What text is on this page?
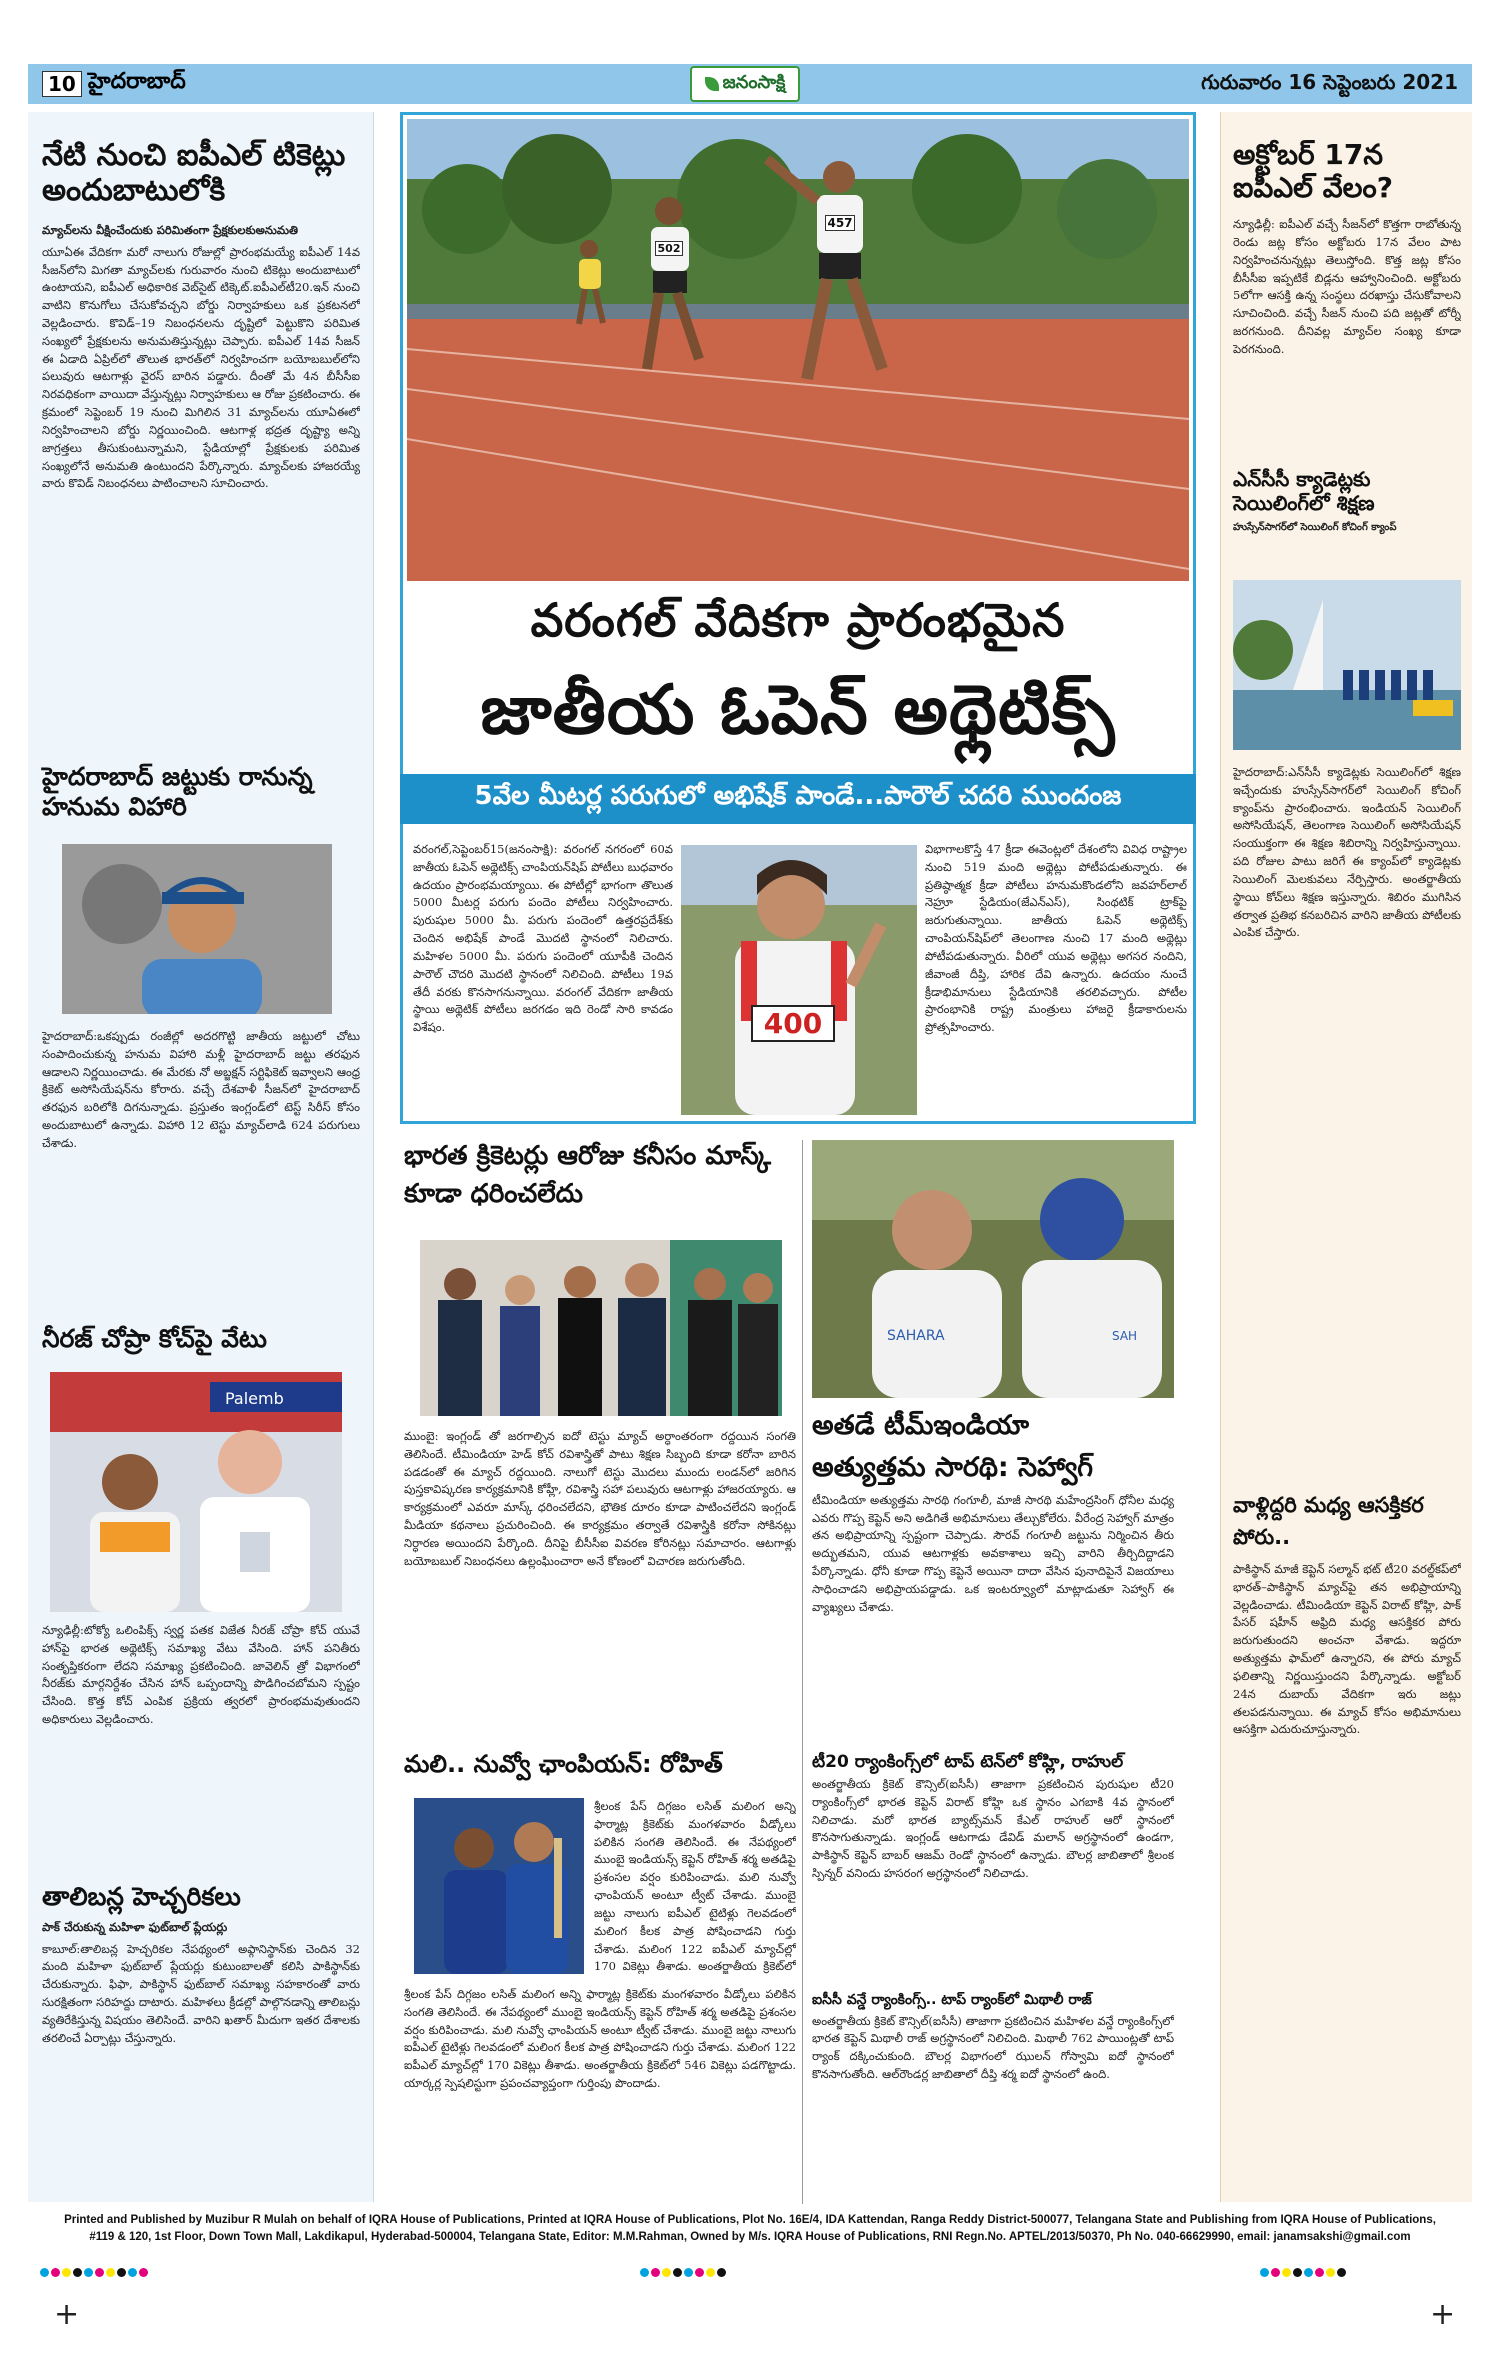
10 హైదరాబాద్	గురువారం 16 సెప్టెంబరు 2021
జనంసాక్షి
నేటి నుంచి ఐపీఎల్ టికెట్లు అందుబాటులోకి
మ్యాచ్‌లను వీక్షించేందుకు పరిమితంగా ప్రేక్షకులకుఅనుమతి

యూఏఈ వేదికగా మరో నాలుగు రోజుల్లో ప్రారంభమయ్యే ఐపీఎల్ 14వ సీజన్‌లోని మిగతా మ్యాచ్‌లకు గురువారం నుంచి టికెట్లు అందుబాటులో ఉంటాయని, ఐపీఎల్ అధికారిక వెబ్‌సైట్ టిక్కెట్‌.ఐపీఎల్‌టీ20.ఇన్ నుంచి వాటిని కొనుగోలు చేసుకోవచ్చని బోర్డు నిర్వాహకులు ఒక ప్రకటనలో వెల్లడించారు. కొవిడ్‌–19 నిబంధనలను దృష్టిలో పెట్టుకొని పరిమిత సంఖ్యలో ప్రేక్షకులను అనుమతిస్తున్నట్లు చెప్పారు. ఐపీఎల్ 14వ సీజన్ ఈ ఏడాది ఏప్రిల్‌లో తొలుత భారత్‌లో నిర్వహించగా బయోబబుల్‌లోని పలువురు ఆటగాళ్లు వైరస్ బారిన పడ్డారు. దీంతో మే 4న బీసీసీఐ నిరవధికంగా వాయిదా వేస్తున్నట్లు నిర్వాహకులు ఆ రోజు ప్రకటించారు. ఈ క్రమంలో సెప్టెంబర్ 19 నుంచి మిగిలిన 31 మ్యాచ్‌లను యూఏఈలో నిర్వహించాలని బోర్డు నిర్ణయించింది. ఆటగాళ్ల భద్రత దృష్ట్యా అన్ని జాగ్రత్తలు తీసుకుంటున్నామని, స్టేడియాల్లో ప్రేక్షకులకు పరిమిత సంఖ్యలోనే అనుమతి ఉంటుందని పేర్కొన్నారు. మ్యాచ్‌లకు హాజరయ్యే వారు కొవిడ్ నిబంధనలు పాటించాలని సూచించారు.

హైదరాబాద్ జట్టుకు రానున్న హనుమ విహారి

హైదరాబాద్:ఒకప్పుడు రంజీల్లో అదరగొట్టి జాతీయ జట్టులో చోటు సంపాదించుకున్న హనుమ విహారి మళ్లీ హైదరాబాద్ జట్టు తరఫున ఆడాలని నిర్ణయించాడు. ఈ మేరకు నో అబ్జక్షన్ సర్టిఫికెట్ ఇవ్వాలని ఆంధ్ర క్రికెట్ అసోసియేషన్‌ను కోరారు. వచ్చే దేశవాళీ సీజన్‌లో హైదరాబాద్ తరఫున బరిలోకి దిగనున్నాడు. ప్రస్తుతం ఇంగ్లండ్‌లో టెస్ట్ సిరీస్ కోసం అందుబాటులో ఉన్నాడు. విహారి 12 టెస్టు మ్యాచ్‌లాడి 624 పరుగులు చేశాడు.

నీరజ్ చోప్రా కోచ్‌పై వేటు
Palemb

న్యూఢిల్లీ:టోక్యో ఒలింపిక్స్ స్వర్ణ పతక విజేత నీరజ్ చోప్రా కోచ్ యువే హాన్‌పై భారత అథ్లెటిక్స్ సమాఖ్య వేటు వేసింది. హాన్ పనితీరు సంతృప్తికరంగా లేదని సమాఖ్య ప్రకటించింది. జావెలిన్ త్రో విభాగంలో నీరజ్‌కు మార్గనిర్దేశం చేసిన హాన్ ఒప్పందాన్ని పొడిగించబోమని స్పష్టం చేసింది. కొత్త కోచ్ ఎంపిక ప్రక్రియ త్వరలో ప్రారంభమవుతుందని అధికారులు వెల్లడించారు.

తాలిబన్ల హెచ్చరికలు
పాక్ చేరుకున్న మహిళా ఫుట్‌బాల్ ప్లేయర్లు

కాబూల్:తాలిబన్ల హెచ్చరికల నేపథ్యంలో అఫ్గానిస్థాన్‌కు చెందిన 32 మంది మహిళా ఫుట్‌బాల్ ప్లేయర్లు కుటుంబాలతో కలిసి పాకిస్థాన్‌కు చేరుకున్నారు. ఫిఫా, పాకిస్థాన్ ఫుట్‌బాల్ సమాఖ్య సహకారంతో వారు సురక్షితంగా సరిహద్దు దాటారు. మహిళలు క్రీడల్లో పాల్గొనడాన్ని తాలిబన్లు వ్యతిరేకిస్తున్న విషయం తెలిసిందే. వారిని ఖతార్ మీదుగా ఇతర దేశాలకు తరలించే ఏర్పాట్లు చేస్తున్నారు.

457
502
వరంగల్ వేదికగా ప్రారంభమైన
జాతీయ ఓపెన్ అథ్లెటిక్స్

వరంగల్,సెప్టెంబర్15(జనంసాక్షి): వరంగల్ నగరంలో 60వ జాతీయ ఓపెన్ అథ్లెటిక్స్ చాంపియన్‌షిప్ పోటీలు బుధవారం ఉదయం ప్రారంభమయ్యాయి. ఈ పోటీల్లో భాగంగా తొలుత 5000 మీటర్ల పరుగు పందెం పోటీలు నిర్వహించారు. పురుషుల 5000 మీ. పరుగు పందెంలో ఉత్తరప్రదేశ్‌కు చెందిన అభిషేక్ పాండే మొదటి స్థానంలో నిలిచారు. మహిళల 5000 మీ. పరుగు పందెంలో యూపీకి చెందిన పారౌల్ చౌదరి మొదటి స్థానంలో నిలిచింది. పోటీలు 19వ తేదీ వరకు కొనసాగనున్నాయి. వరంగల్ వేదికగా జాతీయ స్థాయి అథ్లెటిక్ పోటీలు జరగడం ఇది రెండో సారి కావడం విశేషం.	400

విభాగాలకొస్తే 47 క్రీడా ఈవెంట్లలో దేశంలోని వివిధ రాష్ట్రాల నుంచి 519 మంది అథ్లెట్లు పోటీపడుతున్నారు. ఈ ప్రతిష్ఠాత్మక క్రీడా పోటీలు హనుమకొండలోని జవహర్‌లాల్ నెహ్రూ స్టేడియం(జేఎన్ఎస్), సింథటిక్ ట్రాక్‌పై జరుగుతున్నాయి. జాతీయ ఓపెన్ అథ్లెటిక్స్ చాంపియన్‌షిప్‌లో తెలంగాణ నుంచి 17 మంది అథ్లెట్లు పోటీపడుతున్నారు. వీరిలో యువ అథ్లెట్లు అగసర నందిని, జీవాంజీ దీప్తి, హారిక దేవి ఉన్నారు. ఉదయం నుంచే క్రీడాభిమానులు స్టేడియానికి తరలివచ్చారు. పోటీల ప్రారంభానికి రాష్ట్ర మంత్రులు హాజరై క్రీడాకారులను ప్రోత్సహించారు.

5వేల మీటర్ల పరుగులో అభిషేక్ పాండే...పారౌల్ చదరి ముందంజ
భారత క్రికెటర్లు ఆరోజు కనీసం మాస్క్ కూడా ధరించలేదు

ముంబై: ఇంగ్లండ్ తో జరగాల్సిన ఐదో టెస్టు మ్యాచ్ అర్ధాంతరంగా రద్దయిన సంగతి తెలిసిందే. టీమిండియా హెడ్ కోచ్ రవిశాస్త్రితో పాటు శిక్షణ సిబ్బంది కూడా కరోనా బారిన పడడంతో ఈ మ్యాచ్ రద్దయింది. నాలుగో టెస్టు మొదలు ముందు లండన్‌లో జరిగిన పుస్తకావిష్కరణ కార్యక్రమానికి కోహ్లీ, రవిశాస్త్రి సహా పలువురు ఆటగాళ్లు హాజరయ్యారు. ఆ కార్యక్రమంలో ఎవరూ మాస్క్ ధరించలేదని, భౌతిక దూరం కూడా పాటించలేదని ఇంగ్లండ్ మీడియా కథనాలు ప్రచురించింది. ఈ కార్యక్రమం తర్వాతే రవిశాస్త్రికి కరోనా సోకినట్లు నిర్ధారణ అయిందని పేర్కొంది. దీనిపై బీసీసీఐ వివరణ కోరినట్లు సమాచారం. ఆటగాళ్లు బయోబబుల్ నిబంధనలు ఉల్లంఘించారా అనే కోణంలో విచారణ జరుగుతోంది.

మలి.. నువ్వో ఛాంపియన్: రోహిత్

శ్రీలంక పేస్ దిగ్గజం లసిత్ మలింగ అన్ని ఫార్మాట్ల క్రికెట్‌కు మంగళవారం వీడ్కోలు పలికిన సంగతి తెలిసిందే. ఈ నేపథ్యంలో ముంబై ఇండియన్స్ కెప్టెన్ రోహిత్ శర్మ అతడిపై ప్రశంసల వర్షం కురిపించాడు. మలి నువ్వో ఛాంపియన్ అంటూ ట్వీట్ చేశాడు. ముంబై జట్టు నాలుగు ఐపీఎల్ టైటిళ్లు గెలవడంలో మలింగ కీలక పాత్ర పోషించాడని గుర్తు చేశాడు. మలింగ 122 ఐపీఎల్ మ్యాచ్‌ల్లో 170 వికెట్లు తీశాడు. అంతర్జాతీయ క్రికెట్‌లో

శ్రీలంక పేస్ దిగ్గజం లసిత్ మలింగ అన్ని ఫార్మాట్ల క్రికెట్‌కు మంగళవారం వీడ్కోలు పలికిన సంగతి తెలిసిందే. ఈ నేపథ్యంలో ముంబై ఇండియన్స్ కెప్టెన్ రోహిత్ శర్మ అతడిపై ప్రశంసల వర్షం కురిపించాడు. మలి నువ్వో ఛాంపియన్ అంటూ ట్వీట్ చేశాడు. ముంబై జట్టు నాలుగు ఐపీఎల్ టైటిళ్లు గెలవడంలో మలింగ కీలక పాత్ర పోషించాడని గుర్తు చేశాడు. మలింగ 122 ఐపీఎల్ మ్యాచ్‌ల్లో 170 వికెట్లు తీశాడు. అంతర్జాతీయ క్రికెట్‌లో 546 వికెట్లు పడగొట్టాడు. యార్కర్ల స్పెషలిస్టుగా ప్రపంచవ్యాప్తంగా గుర్తింపు పొందాడు.

SAHARA	SAH
అతడే టీమ్‌ఇండియా
అత్యుత్తమ సారథి: సెహ్వాగ్

టీమిండియా అత్యుత్తమ సారథి గంగూలీ, మాజీ సారథి మహేంద్రసింగ్ ధోనీల మధ్య ఎవరు గొప్ప కెప్టెన్ అని అడిగితే అభిమానులు తేల్చుకోలేరు. వీరేంద్ర సెహ్వాగ్ మాత్రం తన అభిప్రాయాన్ని స్పష్టంగా చెప్పాడు. సౌరవ్ గంగూలీ జట్టును నిర్మించిన తీరు అద్భుతమని, యువ ఆటగాళ్లకు అవకాశాలు ఇచ్చి వారిని తీర్చిదిద్దాడని పేర్కొన్నాడు. ధోనీ కూడా గొప్ప కెప్టెనే అయినా దాదా వేసిన పునాదిపైనే విజయాలు సాధించాడని అభిప్రాయపడ్డాడు. ఒక ఇంటర్వ్యూలో మాట్లాడుతూ సెహ్వాగ్ ఈ వ్యాఖ్యలు చేశాడు.

టీ20 ర్యాంకింగ్స్‌లో టాప్ టెన్‌లో కోహ్లి, రాహుల్

అంతర్జాతీయ క్రికెట్ కౌన్సిల్(ఐసీసీ) తాజాగా ప్రకటించిన పురుషుల టీ20 ర్యాంకింగ్స్‌లో భారత కెప్టెన్ విరాట్ కోహ్లి ఒక స్థానం ఎగబాకి 4వ స్థానంలో నిలిచాడు. మరో భారత బ్యాట్స్‌మన్ కేఎల్ రాహుల్ ఆరో స్థానంలో కొనసాగుతున్నాడు. ఇంగ్లండ్ ఆటగాడు డేవిడ్ మలాన్ అగ్రస్థానంలో ఉండగా, పాకిస్థాన్ కెప్టెన్ బాబర్ ఆజమ్ రెండో స్థానంలో ఉన్నాడు. బౌలర్ల జాబితాలో శ్రీలంక స్పిన్నర్ వనిందు హసరంగ అగ్రస్థానంలో నిలిచాడు.

ఐసీసీ వన్డే ర్యాంకింగ్స్.. టాప్ ర్యాంక్‌లో మిథాలీ రాజ్

అంతర్జాతీయ క్రికెట్ కౌన్సిల్(ఐసీసీ) తాజాగా ప్రకటించిన మహిళల వన్డే ర్యాంకింగ్స్‌లో భారత కెప్టెన్ మిథాలీ రాజ్ అగ్రస్థానంలో నిలిచింది. మిథాలీ 762 పాయింట్లతో టాప్ ర్యాంక్ దక్కించుకుంది. బౌలర్ల విభాగంలో ఝులన్ గోస్వామి ఐదో స్థానంలో కొనసాగుతోంది. ఆల్‌రౌండర్ల జాబితాలో దీప్తి శర్మ ఐదో స్థానంలో ఉంది.

అక్టోబర్ 17న ఐపీఎల్ వేలం?

న్యూఢిల్లీ: ఐపీఎల్ వచ్చే సీజన్‌లో కొత్తగా రాబోతున్న రెండు జట్ల కోసం అక్టోబరు 17న వేలం పాట నిర్వహించనున్నట్లు తెలుస్తోంది. కొత్త జట్ల కోసం బీసీసీఐ ఇప్పటికే బిడ్లను ఆహ్వానించింది. అక్టోబరు 5లోగా ఆసక్తి ఉన్న సంస్థలు దరఖాస్తు చేసుకోవాలని సూచించింది. వచ్చే సీజన్ నుంచి పది జట్లతో టోర్నీ జరగనుంది. దీనివల్ల మ్యాచ్‌ల సంఖ్య కూడా పెరగనుంది.

ఎన్‌సీసీ క్యాడెట్లకు సెయిలింగ్‌లో శిక్షణ
హుస్సేన్‌సాగర్‌లో సెయిలింగ్ కోచింగ్ క్యాంప్

హైదరాబాద్:ఎన్‌సీసీ క్యాడెట్లకు సెయిలింగ్‌లో శిక్షణ ఇచ్చేందుకు హుస్సేన్‌సాగర్‌లో సెయిలింగ్ కోచింగ్ క్యాంప్‌ను ప్రారంభించారు. ఇండియన్ సెయిలింగ్ అసోసియేషన్, తెలంగాణ సెయిలింగ్ అసోసియేషన్ సంయుక్తంగా ఈ శిక్షణ శిబిరాన్ని నిర్వహిస్తున్నాయి. పది రోజుల పాటు జరిగే ఈ క్యాంప్‌లో క్యాడెట్లకు సెయిలింగ్ మెలకువలు నేర్పిస్తారు. అంతర్జాతీయ స్థాయి కోచ్‌లు శిక్షణ ఇస్తున్నారు. శిబిరం ముగిసిన తర్వాత ప్రతిభ కనబరిచిన వారిని జాతీయ పోటీలకు ఎంపిక చేస్తారు.

వాళ్లిద్దరి మధ్య ఆసక్తికర పోరు..

పాకిస్థాన్ మాజీ కెప్టెన్ సల్మాన్ భట్ టీ20 వరల్డ్‌కప్‌లో భారత్‌–పాకిస్థాన్ మ్యాచ్‌పై తన అభిప్రాయాన్ని వెల్లడించాడు. టీమిండియా కెప్టెన్ విరాట్ కోహ్లి, పాక్ పేసర్ షహీన్ అఫ్రిది మధ్య ఆసక్తికర పోరు జరుగుతుందని అంచనా వేశాడు. ఇద్దరూ అత్యుత్తమ ఫామ్‌లో ఉన్నారని, ఈ పోరు మ్యాచ్ ఫలితాన్ని నిర్ణయిస్తుందని పేర్కొన్నాడు. అక్టోబర్ 24న దుబాయ్ వేదికగా ఇరు జట్లు తలపడనున్నాయి. ఈ మ్యాచ్ కోసం అభిమానులు ఆసక్తిగా ఎదురుచూస్తున్నారు.

Printed and Published by Muzibur R Mulah on behalf of IQRA House of Publications, Printed at IQRA House of Publications, Plot No. 16E/4, IDA Kattendan, Ranga Reddy District-500077, Telangana State and Publishing from IQRA House of Publications,
#119 & 120, 1st Floor, Down Town Mall, Lakdikapul, Hyderabad-500004, Telangana State, Editor: M.M.Rahman, Owned by M/s. IQRA House of Publications, RNI Regn.No. APTEL/2013/50370, Ph No. 040-66629990, email: janamsakshi@gmail.com
+	+
